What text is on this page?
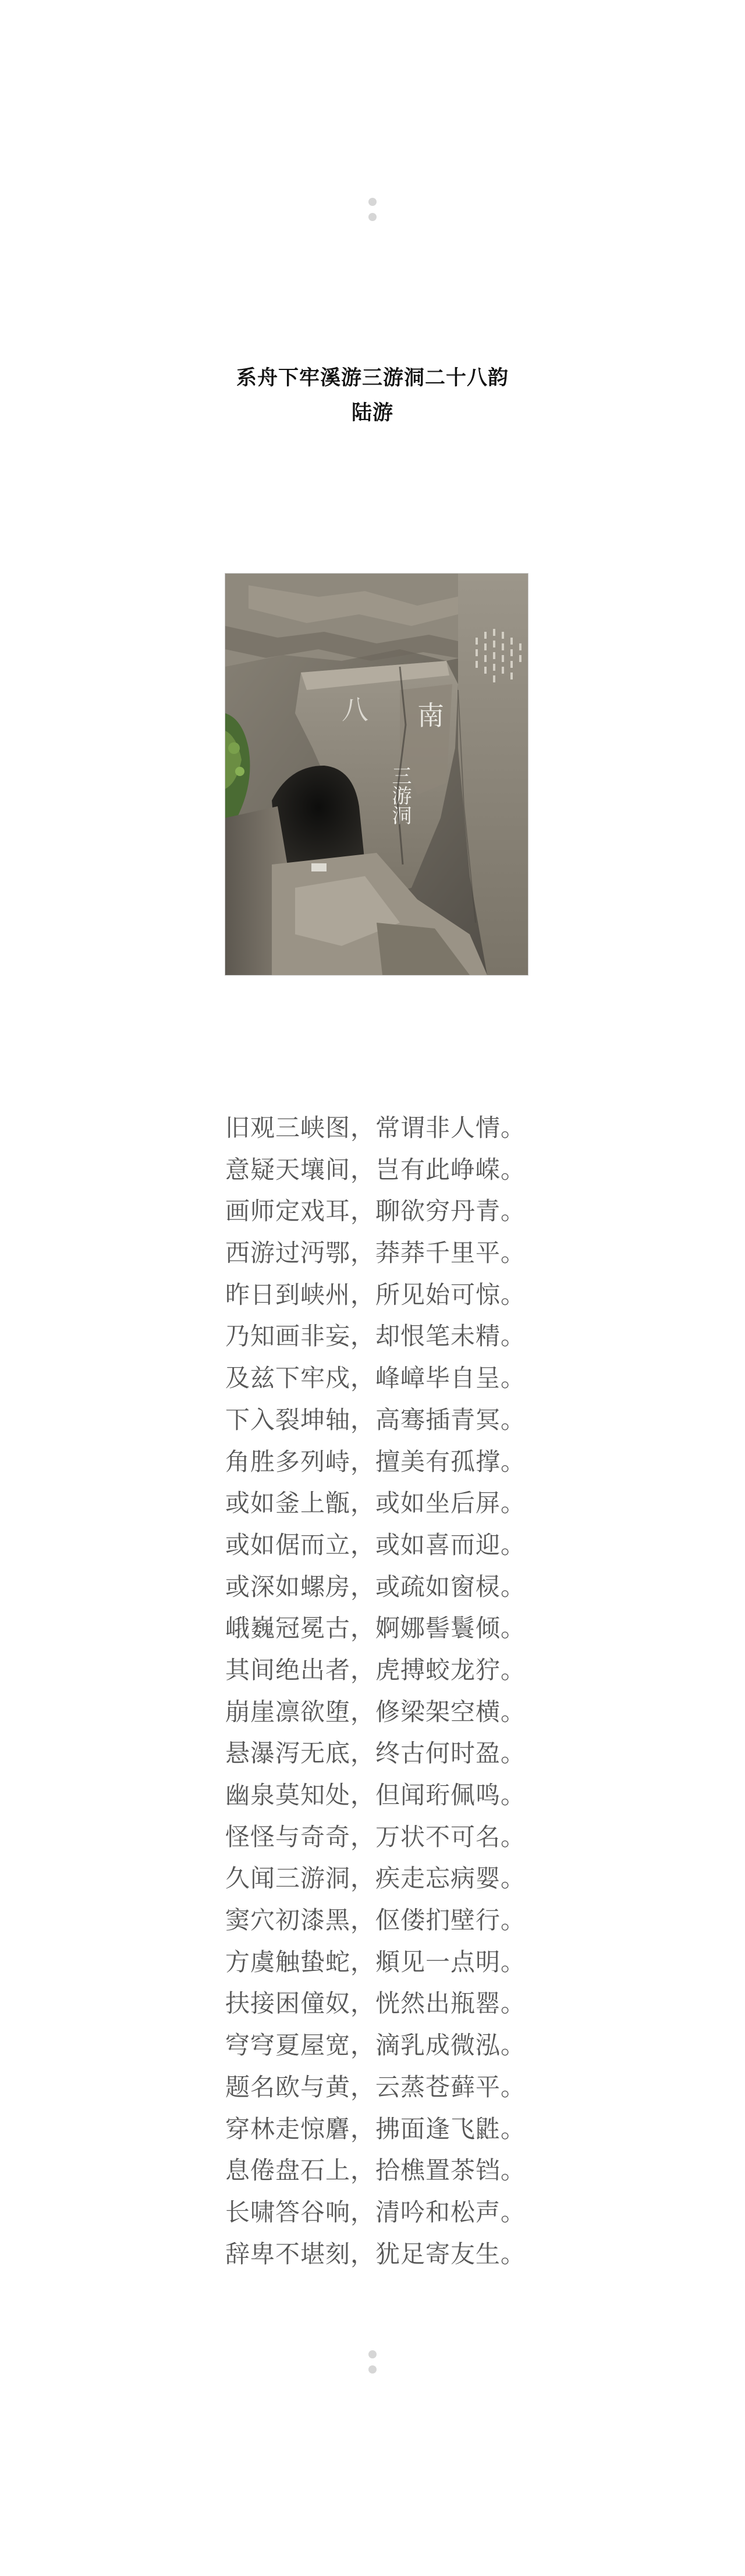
系舟下牢溪游三游洞二十八韵
陆游
南
八
三游洞
旧观三峡图，常谓非人情。
意疑天壤间，岂有此峥嵘。
画师定戏耳，聊欲穷丹青。
西游过沔鄂，莽莽千里平。
昨日到峡州，所见始可惊。
乃知画非妄，却恨笔未精。
及兹下牢戍，峰嶂毕自呈。
下入裂坤轴，高骞插青冥。
角胜多列峙，擅美有孤撑。
或如釜上甑，或如坐后屏。
或如倨而立，或如喜而迎。
或深如螺房，或疏如窗棂。
峨巍冠冕古，婀娜髻鬟倾。
其间绝出者，虎搏蛟龙狞。
崩崖凛欲堕，修梁架空横。
悬瀑泻无底，终古何时盈。
幽泉莫知处，但闻珩佩鸣。
怪怪与奇奇，万状不可名。
久闻三游洞，疾走忘病婴。
窦穴初漆黑，伛偻扪壁行。
方虞触蛰蛇，頫见一点明。
扶接困僮奴，恍然出瓶罂。
穹穹夏屋宽，滴乳成微泓。
题名欧与黄，云蒸苍藓平。
穿林走惊麏，拂面逢飞鼪。
息倦盘石上，拾樵置茶铛。
长啸答谷响，清吟和松声。
辞卑不堪刻，犹足寄友生。
